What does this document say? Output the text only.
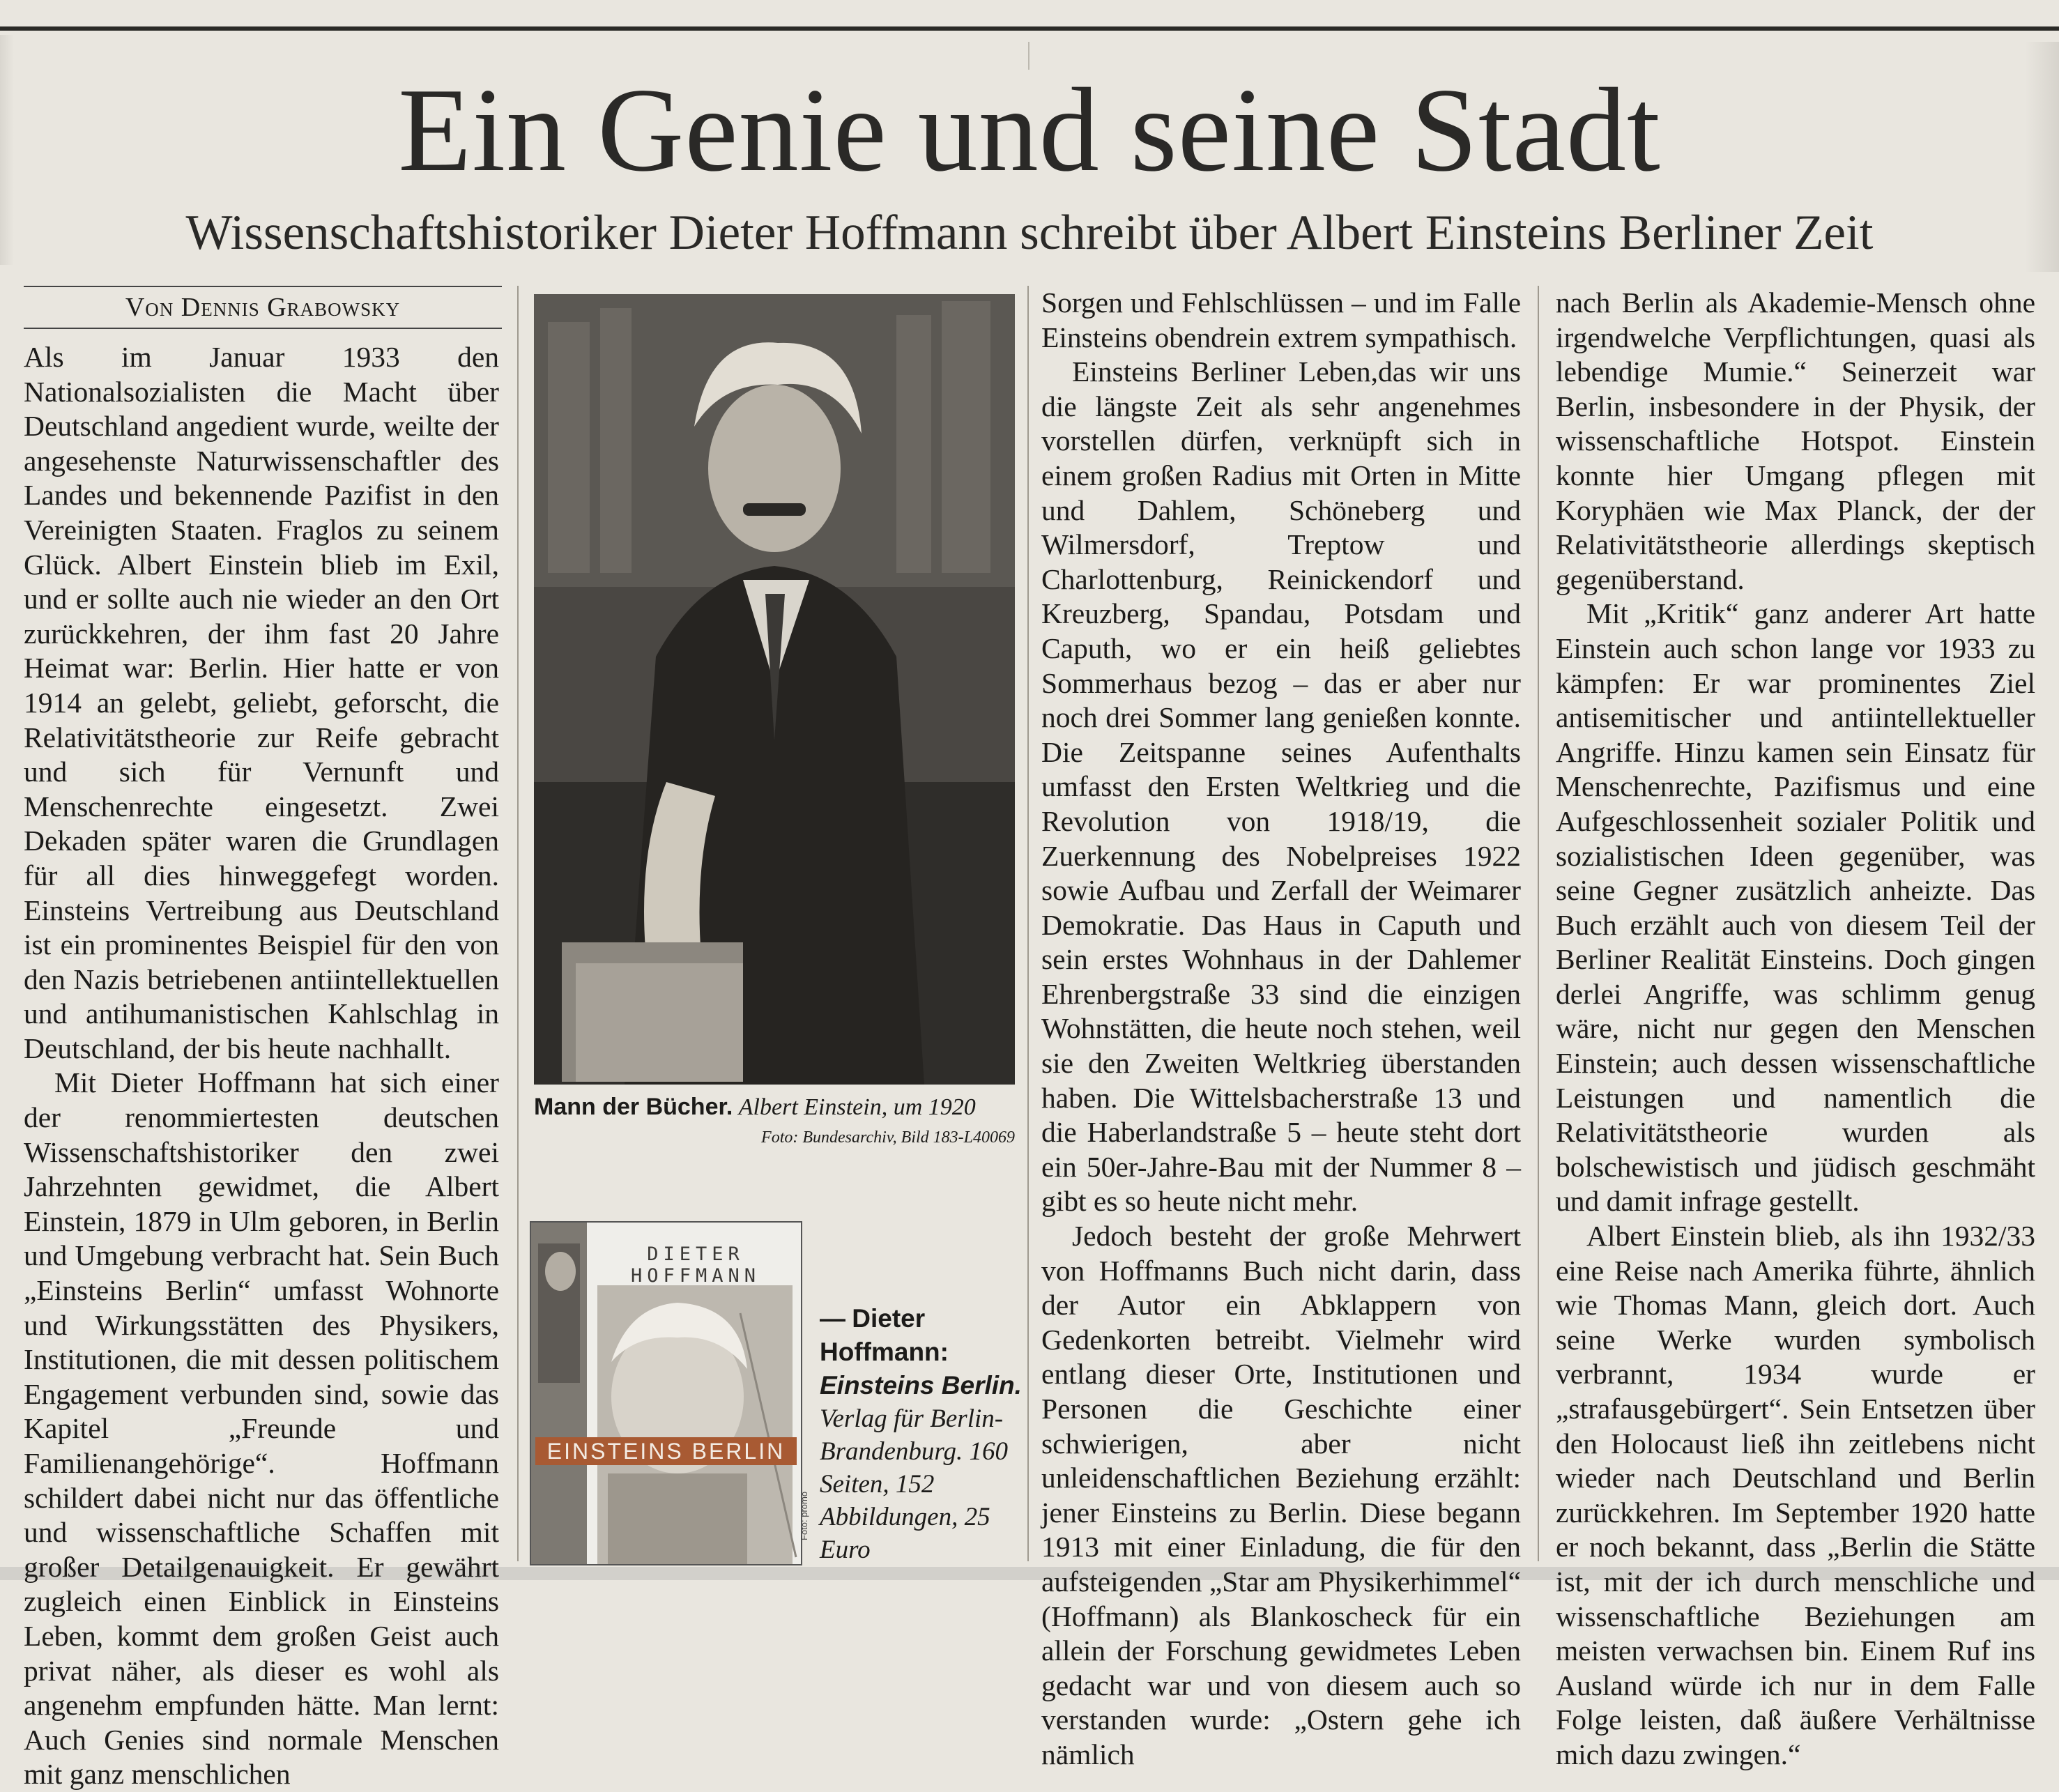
Ein Genie und seine Stadt
Wissenschaftshistoriker Dieter Hoffmann schreibt über Albert Einsteins Berliner Zeit
Von Dennis Grabowsky

Als im Januar 1933 den Nationalsozialisten die Macht über Deutschland angedient wurde, weilte der angesehenste Naturwissenschaftler des Landes und bekennende Pazifist in den Vereinigten Staaten. Fraglos zu seinem Glück. Albert Einstein blieb im Exil, und er sollte auch nie wieder an den Ort zurückkehren, der ihm fast 20 Jahre Heimat war: Berlin. Hier hatte er von 1914 an gelebt, geliebt, geforscht, die Relativitätstheorie zur Reife gebracht und sich für Vernunft und Menschenrechte eingesetzt. Zwei Dekaden später waren die Grundlagen für all dies hinweggefegt worden. Einsteins Vertreibung aus Deutschland ist ein prominentes Beispiel für den von den Nazis betriebenen antiintellektuellen und antihumanistischen Kahlschlag in Deutschland, der bis heute nachhallt.

Mit Dieter Hoffmann hat sich einer der renommiertesten deutschen Wissenschaftshistoriker den zwei Jahrzehnten gewidmet, die Albert Einstein, 1879 in Ulm geboren, in Berlin und Umgebung verbracht hat. Sein Buch „Einsteins Berlin“ umfasst Wohnorte und Wirkungsstätten des Physikers, Institutionen, die mit dessen politischem Engagement verbunden sind, sowie das Kapitel „Freunde und Familienangehörige“. Hoffmann schildert dabei nicht nur das öffentliche und wissenschaftliche Schaffen mit großer Detailgenauigkeit. Er gewährt zugleich einen Einblick in Einsteins Leben, kommt dem großen Geist auch privat näher, als dieser es wohl als angenehm empfunden hätte. Man lernt: Auch Genies sind normale Menschen mit ganz menschlichen

Mann der Bücher. Albert Einstein, um 1920
Foto: Bundesarchiv, Bild 183-L40069
DIETER HOFFMANN
EINSTEINS BERLIN
Foto: promo
— Dieter Hoffmann: Einsteins Berlin. Verlag für Berlin-Brandenburg. 160 Seiten, 152 Abbildungen, 25 Euro

Sorgen und Fehlschlüssen – und im Falle Einsteins obendrein extrem sympathisch.

Einsteins Berliner Leben,das wir uns die längste Zeit als sehr angenehmes vorstellen dürfen, verknüpft sich in einem großen Radius mit Orten in Mitte und Dahlem, Schöneberg und Wilmersdorf, Treptow und Charlottenburg, Reinickendorf und Kreuzberg, Spandau, Potsdam und Caputh, wo er ein heiß geliebtes Sommerhaus bezog – das er aber nur noch drei Sommer lang genießen konnte. Die Zeitspanne seines Aufenthalts umfasst den Ersten Weltkrieg und die Revolution von 1918/19, die Zuerkennung des Nobelpreises 1922 sowie Aufbau und Zerfall der Weimarer Demokratie. Das Haus in Caputh und sein erstes Wohnhaus in der Dahlemer Ehrenbergstraße 33 sind die einzigen Wohnstätten, die heute noch stehen, weil sie den Zweiten Weltkrieg überstanden haben. Die Wittelsbacherstraße 13 und die Haberlandstraße 5 – heute steht dort ein 50er-Jahre-Bau mit der Nummer 8 – gibt es so heute nicht mehr.

Jedoch besteht der große Mehrwert von Hoffmanns Buch nicht darin, dass der Autor ein Abklappern von Gedenkorten betreibt. Vielmehr wird entlang dieser Orte, Institutionen und Personen die Geschichte einer schwierigen, aber nicht unleidenschaftlichen Beziehung erzählt: jener Einsteins zu Berlin. Diese begann 1913 mit einer Einladung, die für den aufsteigenden „Star am Physikerhimmel“ (Hoffmann) als Blankoscheck für ein allein der Forschung gewidmetes Leben gedacht war und von diesem auch so verstanden wurde: „Ostern gehe ich nämlich

nach Berlin als Akademie-Mensch ohne irgendwelche Verpflichtungen, quasi als lebendige Mumie.“ Seinerzeit war Berlin, insbesondere in der Physik, der wissenschaftliche Hotspot. Einstein konnte hier Umgang pflegen mit Koryphäen wie Max Planck, der der Relativitätstheorie allerdings skeptisch gegenüberstand.

Mit „Kritik“ ganz anderer Art hatte Einstein auch schon lange vor 1933 zu kämpfen: Er war prominentes Ziel antisemitischer und antiintellektueller Angriffe. Hinzu kamen sein Einsatz für Menschenrechte, Pazifismus und eine Aufgeschlossenheit sozialer Politik und sozialistischen Ideen gegenüber, was seine Gegner zusätzlich anheizte. Das Buch erzählt auch von diesem Teil der Berliner Realität Einsteins. Doch gingen derlei Angriffe, was schlimm genug wäre, nicht nur gegen den Menschen Einstein; auch dessen wissenschaftliche Leistungen und namentlich die Relativitätstheorie wurden als bolschewistisch und jüdisch geschmäht und damit infrage gestellt.

Albert Einstein blieb, als ihn 1932/33 eine Reise nach Amerika führte, ähnlich wie Thomas Mann, gleich dort. Auch seine Werke wurden symbolisch verbrannt, 1934 wurde er „strafausgebürgert“. Sein Entsetzen über den Holocaust ließ ihn zeitlebens nicht wieder nach Deutschland und Berlin zurückkehren. Im September 1920 hatte er noch bekannt, dass „Berlin die Stätte ist, mit der ich durch menschliche und wissenschaftliche Beziehungen am meisten verwachsen bin. Einem Ruf ins Ausland würde ich nur in dem Falle Folge leisten, daß äußere Verhältnisse mich dazu zwingen.“
